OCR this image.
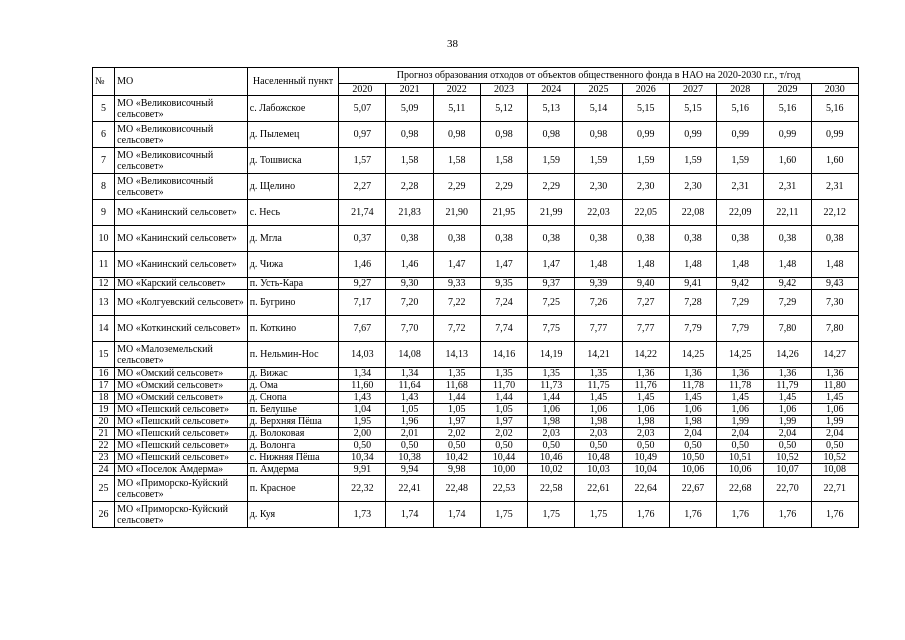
38
№	МО	Населенный пункт	Прогноз образования отходов от объектов общественного фонда в НАО на 2020-2030 г.г., т/год										
			2020	2021	2022	2023	2024	2025	2026	2027	2028	2029	2030
5	МО «Великовисочный сельсовет»	с. Лабожское	5,07	5,09	5,11	5,12	5,13	5,14	5,15	5,15	5,16	5,16	5,16
6	МО «Великовисочный сельсовет»	д. Пылемец	0,97	0,98	0,98	0,98	0,98	0,98	0,99	0,99	0,99	0,99	0,99
7	МО «Великовисочный сельсовет»	д. Тошвиска	1,57	1,58	1,58	1,58	1,59	1,59	1,59	1,59	1,59	1,60	1,60
8	МО «Великовисочный сельсовет»	д. Щелино	2,27	2,28	2,29	2,29	2,29	2,30	2,30	2,30	2,31	2,31	2,31
9	МО «Канинский сельсовет»	с. Несь	21,74	21,83	21,90	21,95	21,99	22,03	22,05	22,08	22,09	22,11	22,12
10	МО «Канинский сельсовет»	д. Мгла	0,37	0,38	0,38	0,38	0,38	0,38	0,38	0,38	0,38	0,38	0,38
11	МО «Канинский сельсовет»	д. Чижа	1,46	1,46	1,47	1,47	1,47	1,48	1,48	1,48	1,48	1,48	1,48
12	МО «Карский сельсовет»	п. Усть-Кара	9,27	9,30	9,33	9,35	9,37	9,39	9,40	9,41	9,42	9,42	9,43
13	МО «Колгуевский сельсовет»	п. Бугрино	7,17	7,20	7,22	7,24	7,25	7,26	7,27	7,28	7,29	7,29	7,30
14	МО «Коткинский сельсовет»	п. Коткино	7,67	7,70	7,72	7,74	7,75	7,77	7,77	7,79	7,79	7,80	7,80
15	МО «Малоземельский сельсовет»	п. Нельмин-Нос	14,03	14,08	14,13	14,16	14,19	14,21	14,22	14,25	14,25	14,26	14,27
16	МО «Омский сельсовет»	д. Вижас	1,34	1,34	1,35	1,35	1,35	1,35	1,36	1,36	1,36	1,36	1,36
17	МО «Омский сельсовет»	д. Ома	11,60	11,64	11,68	11,70	11,73	11,75	11,76	11,78	11,78	11,79	11,80
18	МО «Омский сельсовет»	д. Снопа	1,43	1,43	1,44	1,44	1,44	1,45	1,45	1,45	1,45	1,45	1,45
19	МО «Пешский сельсовет»	п. Белушье	1,04	1,05	1,05	1,05	1,06	1,06	1,06	1,06	1,06	1,06	1,06
20	МО «Пешский сельсовет»	д. Верхняя Пёша	1,95	1,96	1,97	1,97	1,98	1,98	1,98	1,98	1,99	1,99	1,99
21	МО «Пешский сельсовет»	д. Волоковая	2,00	2,01	2,02	2,02	2,03	2,03	2,03	2,04	2,04	2,04	2,04
22	МО «Пешский сельсовет»	д. Волонга	0,50	0,50	0,50	0,50	0,50	0,50	0,50	0,50	0,50	0,50	0,50
23	МО «Пешский сельсовет»	с. Нижняя Пёша	10,34	10,38	10,42	10,44	10,46	10,48	10,49	10,50	10,51	10,52	10,52
24	МО «Поселок Амдерма»	п. Амдерма	9,91	9,94	9,98	10,00	10,02	10,03	10,04	10,06	10,06	10,07	10,08
25	МО «Приморско-Куйский сельсовет»	п. Красное	22,32	22,41	22,48	22,53	22,58	22,61	22,64	22,67	22,68	22,70	22,71
26	МО «Приморско-Куйский сельсовет»	д. Куя	1,73	1,74	1,74	1,75	1,75	1,75	1,76	1,76	1,76	1,76	1,76
